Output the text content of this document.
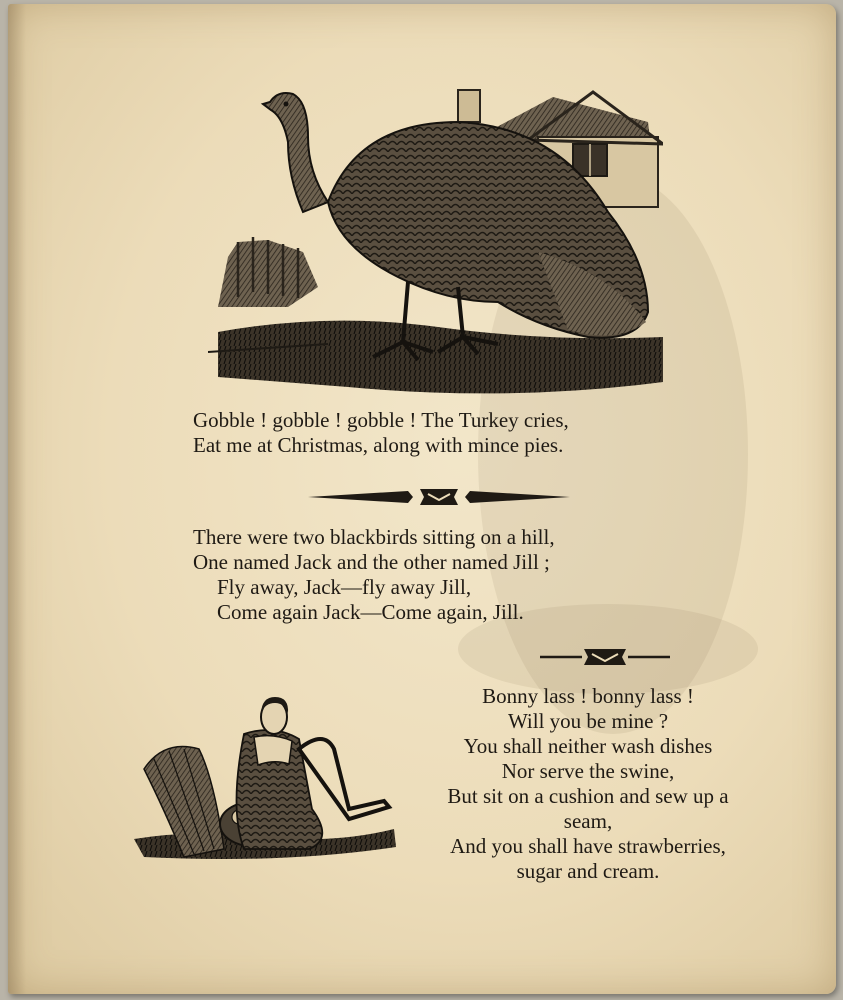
Gobble ! gobble ! gobble ! The Turkey cries,
Eat me at Christmas, along with mince pies.
There were two blackbirds sitting on a hill,
One named Jack and the other named Jill ;
Fly away, Jack—fly away Jill,
Come again Jack—Come again, Jill.
Bonny lass ! bonny lass !
Will you be mine ?
You shall neither wash dishes
Nor serve the swine,
But sit on a cushion and sew up a
seam,
And you shall have strawberries,
sugar and cream.
